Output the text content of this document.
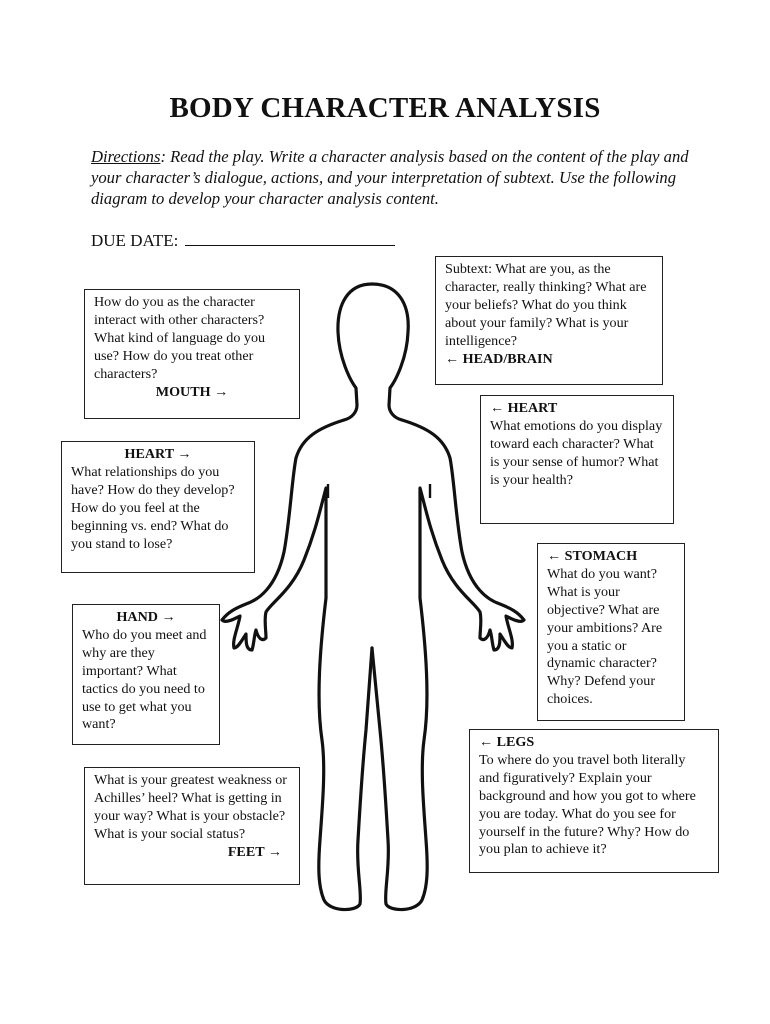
BODY CHARACTER ANALYSIS
Directions: Read the play. Write a character analysis based on the content of the play and your character’s dialogue, actions, and your interpretation of subtext. Use the following diagram to develop your character analysis content.
DUE DATE:
Subtext: What are you, as the character, really thinking? What are your beliefs? What do you think about your family? What is your intelligence?
← HEAD/BRAIN
How do you as the character interact with other characters? What kind of language do you use? How do you treat other characters?
MOUTH →
← HEART
What emotions do you display toward each character? What is your sense of humor? What is your health?
HEART →
What relationships do you have? How do they develop? How do you feel at the beginning vs. end? What do you stand to lose?
← STOMACH
What do you want? What is your objective? What are your ambitions? Are you a static or dynamic character? Why? Defend your choices.
HAND →
Who do you meet and why are they important? What tactics do you need to use to get what you want?
← LEGS
To where do you travel both literally and figuratively? Explain your background and how you got to where you are today. What do you see for yourself in the future? Why? How do you plan to achieve it?
What is your greatest weakness or Achilles’ heel? What is getting in your way? What is your obstacle? What is your social status?
FEET →
